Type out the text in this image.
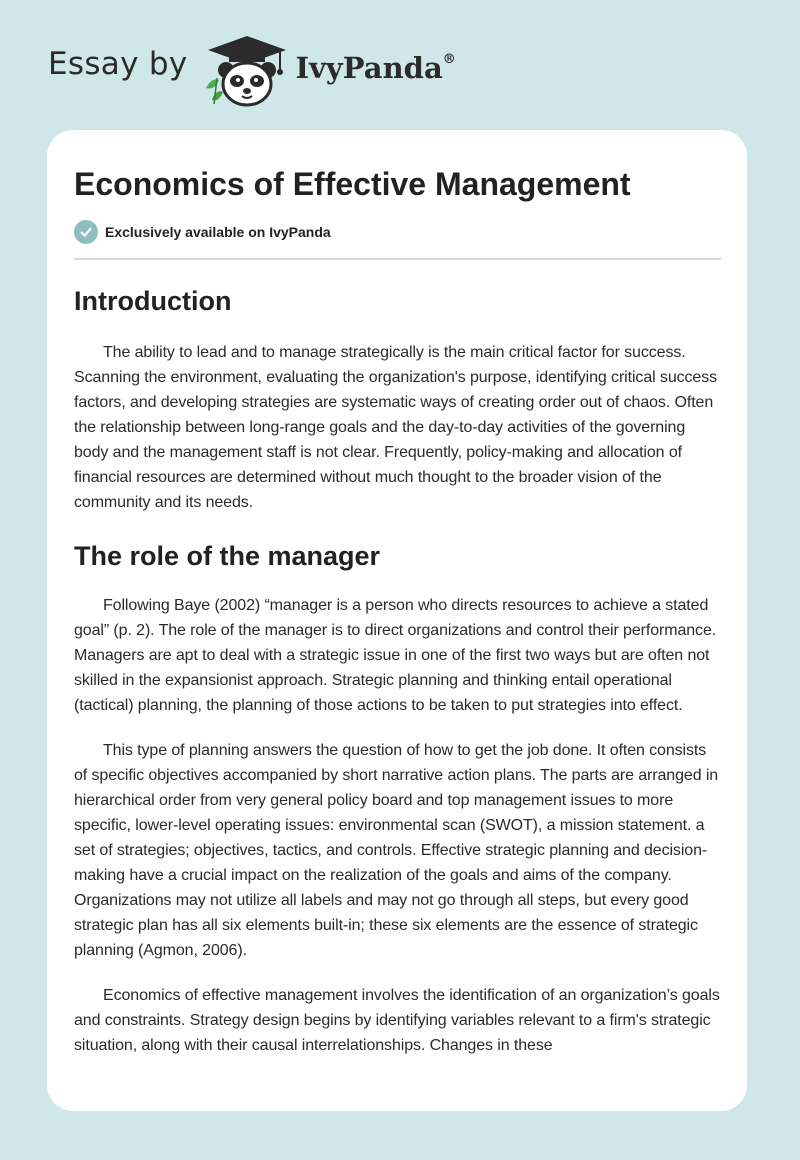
Essay by	IvyPanda®
Economics of Effective Management
Exclusively available on IvyPanda
Introduction

The ability to lead and to manage strategically is the main critical factor for success. Scanning the environment, evaluating the organization's purpose, identifying critical success factors, and developing strategies are systematic ways of creating order out of chaos. Often the relationship between long-range goals and the day-to-day activities of the governing body and the management staff is not clear. Frequently, policy-making and allocation of financial resources are determined without much thought to the broader vision of the community and its needs.

The role of the manager

Following Baye (2002) “manager is a person who directs resources to achieve a stated goal” (p. 2). The role of the manager is to direct organizations and control their performance. Managers are apt to deal with a strategic issue in one of the first two ways but are often not skilled in the expansionist approach. Strategic planning and thinking entail operational (tactical) planning, the planning of those actions to be taken to put strategies into effect.

This type of planning answers the question of how to get the job done. It often consists of specific objectives accompanied by short narrative action plans. The parts are arranged in hierarchical order from very general policy board and top management issues to more specific, lower-level operating issues: environmental scan (SWOT), a mission statement. a set of strategies; objectives, tactics, and controls. Effective strategic planning and decision-making have a crucial impact on the realization of the goals and aims of the company. Organizations may not utilize all labels and may not go through all steps, but every good strategic plan has all six elements built-in; these six elements are the essence of strategic planning (Agmon, 2006).

Economics of effective management involves the identification of an organization’s goals and constraints. Strategy design begins by identifying variables relevant to a firm's strategic situation, along with their causal interrelationships. Changes in these
